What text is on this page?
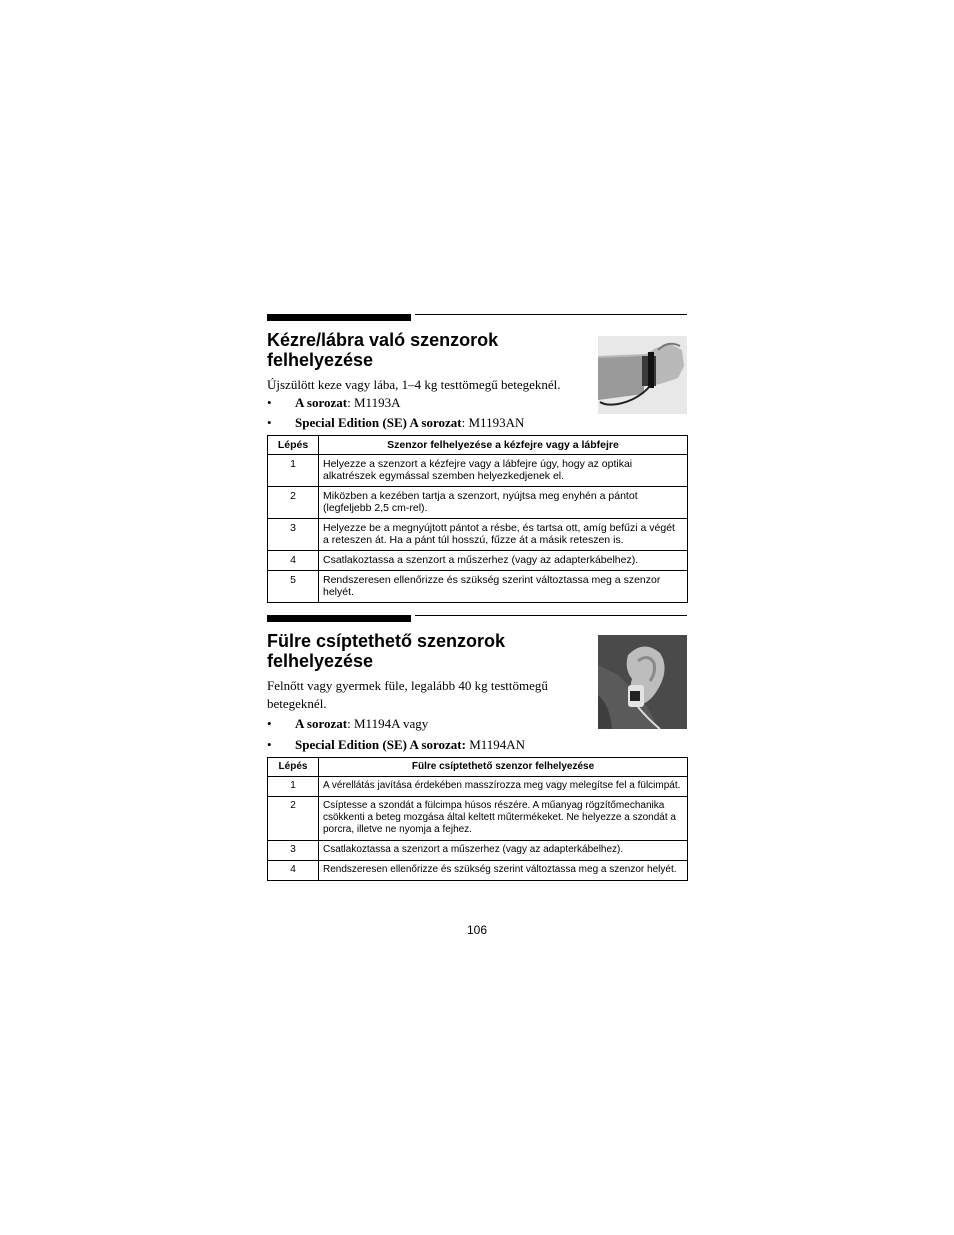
Kézre/lábra való szenzorok
felhelyezése

Újszülött keze vagy lába, 1–4 kg testtömegű betegeknél.

• A sorozat: M1193A
• Special Edition (SE) A sorozat: M1193AN
Lépés	Szenzor felhelyezése a kézfejre vagy a lábfejre
1	Helyezze a szenzort a kézfejre vagy a lábfejre úgy, hogy az optikai alkatrészek egymással szemben helyezkedjenek el.
2	Miközben a kezében tartja a szenzort, nyújtsa meg enyhén a pántot (legfeljebb 2,5 cm-rel).
3	Helyezze be a megnyújtott pántot a résbe, és tartsa ott, amíg befűzi a végét a reteszen át. Ha a pánt túl hosszú, fűzze át a másik reteszen is.
4	Csatlakoztassa a szenzort a műszerhez (vagy az adapterkábelhez).
5	Rendszeresen ellenőrizze és szükség szerint változtassa meg a szenzor helyét.
Fülre csíptethető szenzorok
felhelyezése

Felnőtt vagy gyermek füle, legalább 40 kg testtömegű betegeknél.

• A sorozat: M1194A vagy
• Special Edition (SE) A sorozat: M1194AN
Lépés	Fülre csíptethető szenzor felhelyezése
1	A vérellátás javítása érdekében masszírozza meg vagy melegítse fel a fülcimpát.
2	Csíptesse a szondát a fülcimpa húsos részére. A műanyag rögzítőmechanika csökkenti a beteg mozgása által keltett műtermékeket. Ne helyezze a szondát a porcra, illetve ne nyomja a fejhez.
3	Csatlakoztassa a szenzort a műszerhez (vagy az adapterkábelhez).
4	Rendszeresen ellenőrizze és szükség szerint változtassa meg a szenzor helyét.
106
